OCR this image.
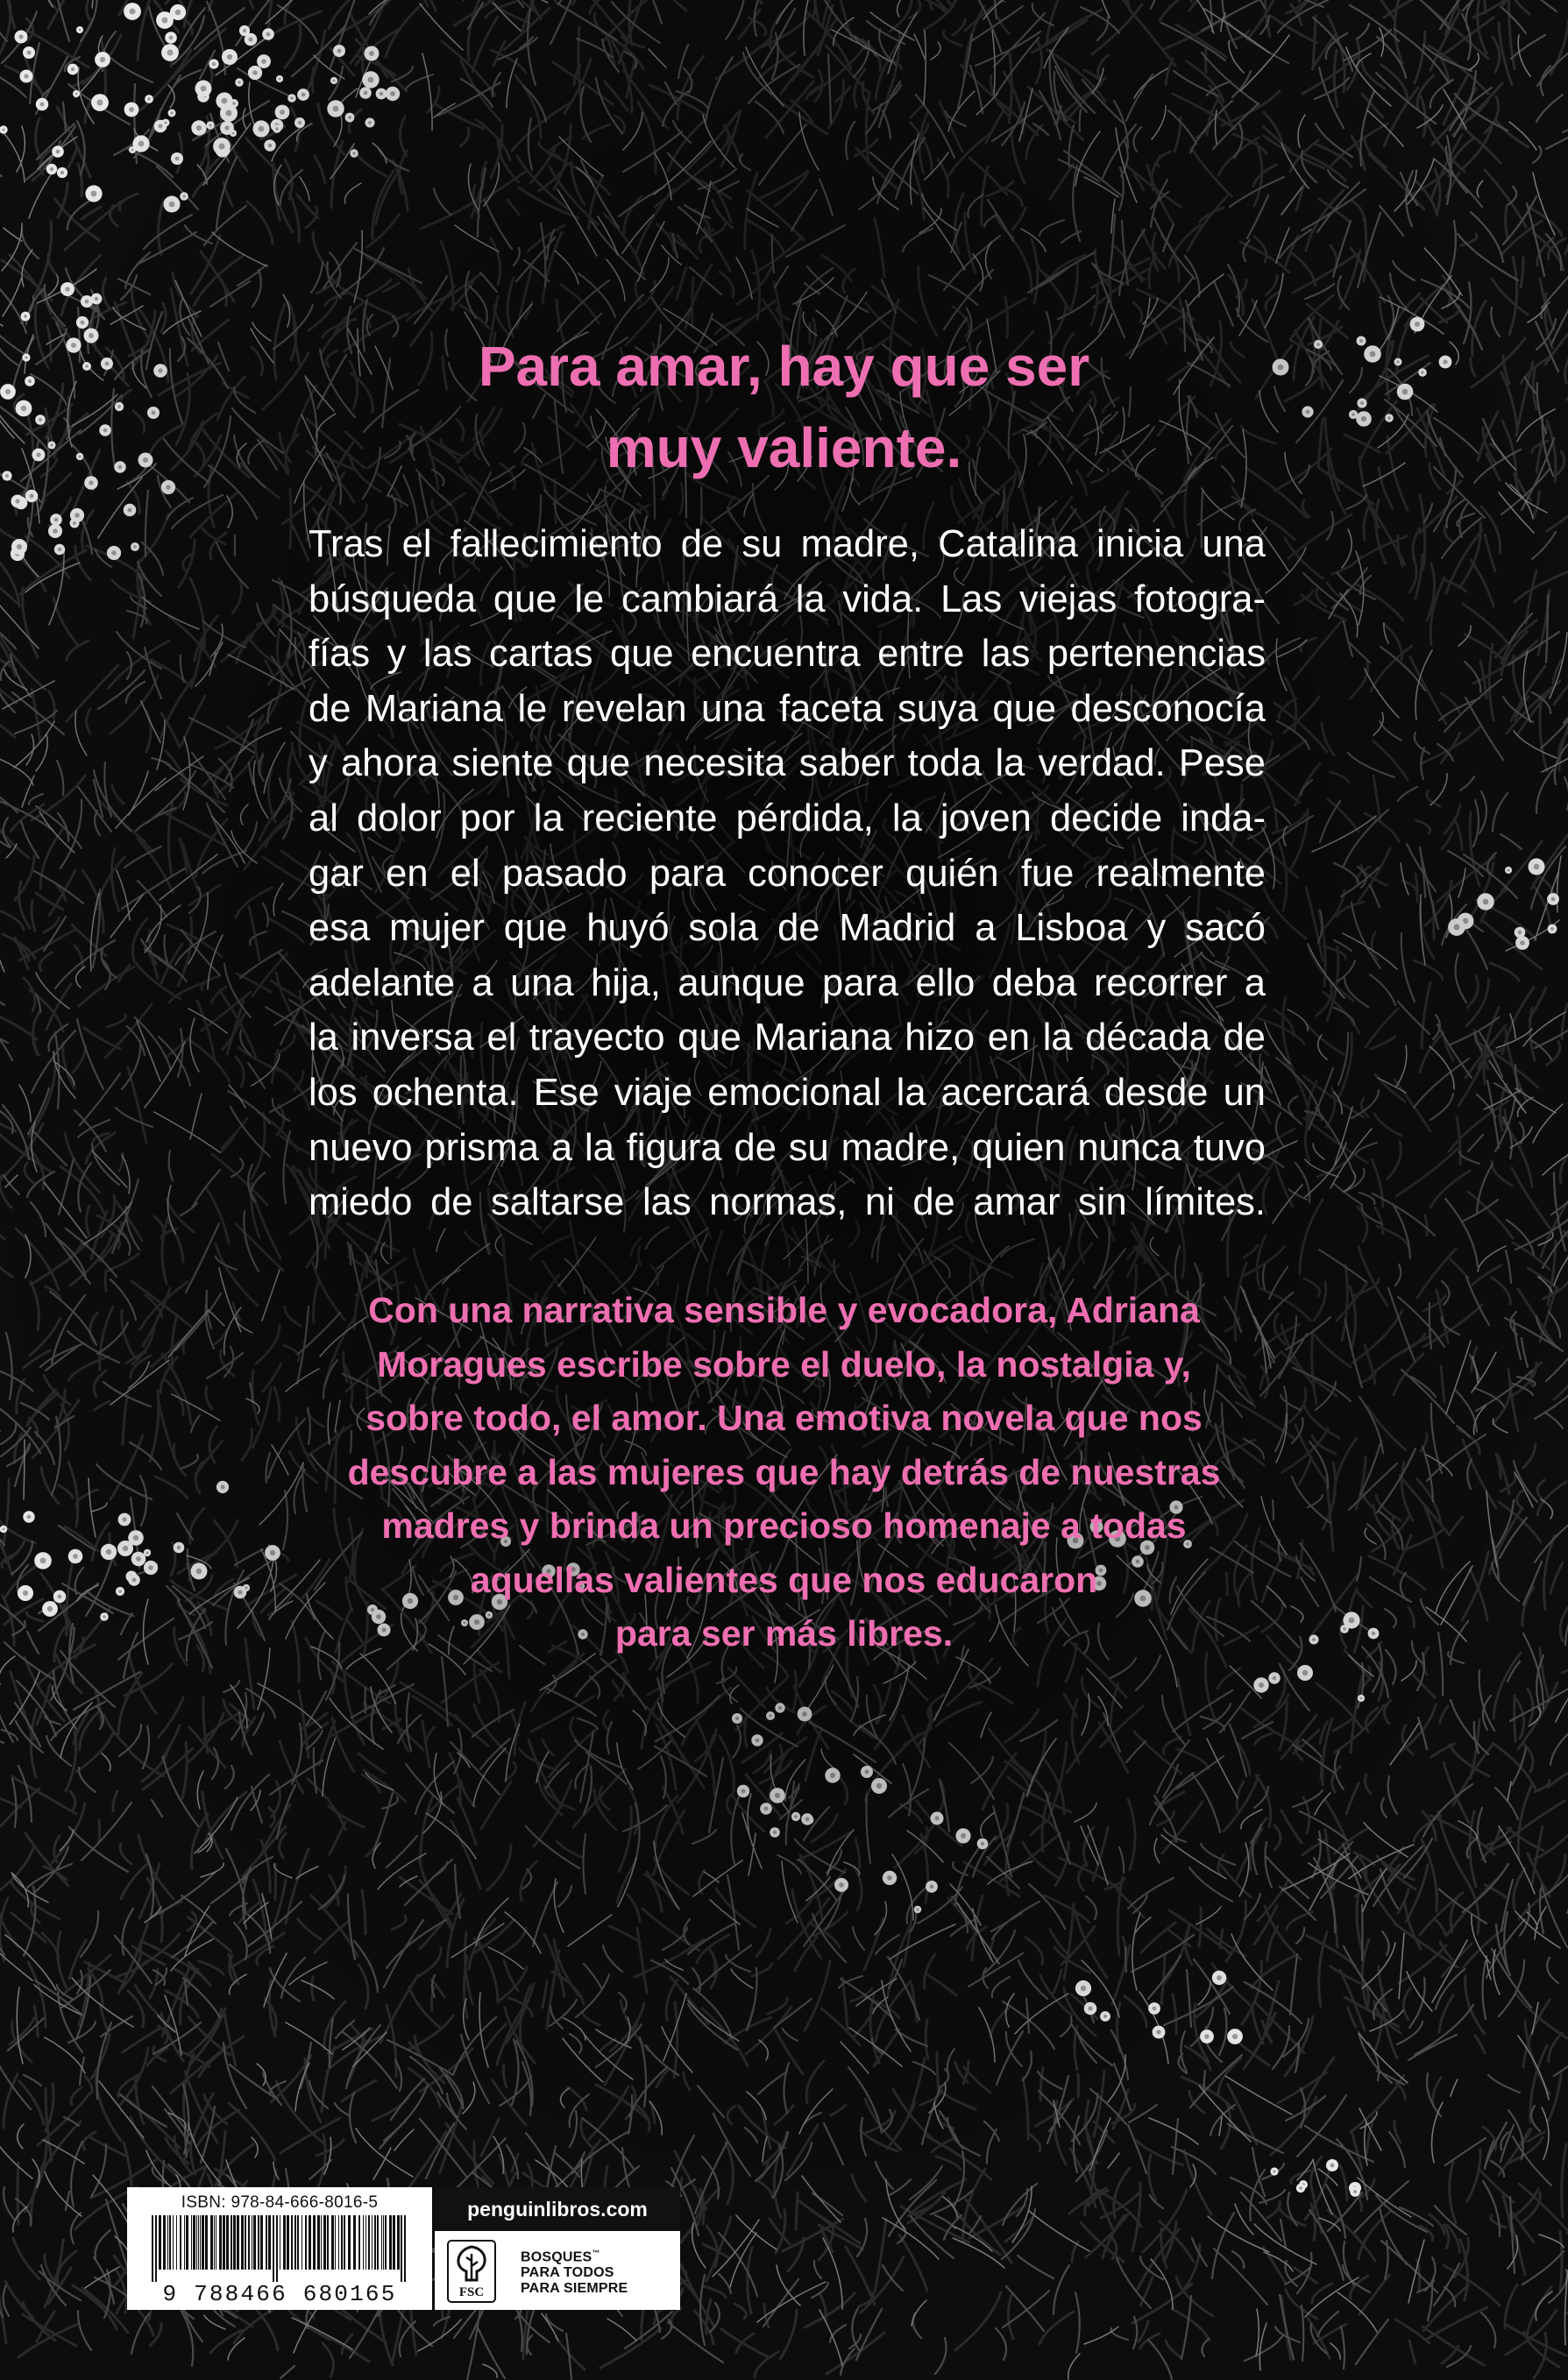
Para amar, hay que ser
muy valiente.
Tras el fallecimiento de su madre, Catalina inicia una
búsqueda que le cambiará la vida. Las viejas fotogra-
fías y las cartas que encuentra entre las pertenencias
de Mariana le revelan una faceta suya que desconocía
y ahora siente que necesita saber toda la verdad. Pese
al dolor por la reciente pérdida, la joven decide inda-
gar en el pasado para conocer quién fue realmente
esa mujer que huyó sola de Madrid a Lisboa y sacó
adelante a una hija, aunque para ello deba recorrer a
la inversa el trayecto que Mariana hizo en la década de
los ochenta. Ese viaje emocional la acercará desde un
nuevo prisma a la figura de su madre, quien nunca tuvo
miedo de saltarse las normas, ni de amar sin límites.
Con una narrativa sensible y evocadora, Adriana
Moragues escribe sobre el duelo, la nostalgia y,
sobre todo, el amor. Una emotiva novela que nos
descubre a las mujeres que hay detrás de nuestras
madres y brinda un precioso homenaje a todas
aquellas valientes que nos educaron
para ser más libres.
ISBN: 978-84-666-8016-5
9 788466 680165
penguinlibros.com
FSC
BOSQUES™
PARA TODOS
PARA SIEMPRE
